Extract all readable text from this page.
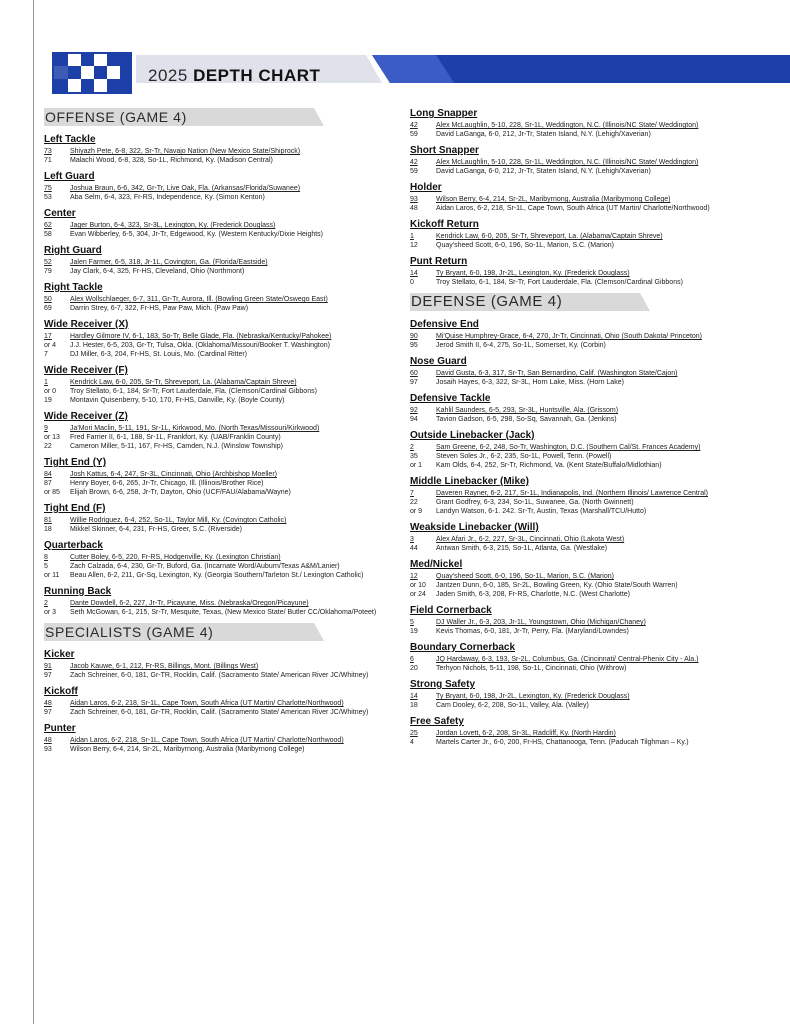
2025 DEPTH CHART
OFFENSE (GAME 4)
Left Tackle
73	Shiyazh Pete, 6-8, 322, Sr-Tr, Navajo Nation (New Mexico State/Shiprock)
71	Malachi Wood, 6-8, 328, So-1L, Richmond, Ky. (Madison Central)
Left Guard
75	Joshua Braun, 6-6, 342, Gr-Tr, Live Oak, Fla. (Arkansas/Florida/Suwanee)
53	Aba Selm, 6-4, 323, Fr-RS, Independence, Ky. (Simon Kenton)
Center
62	Jager Burton, 6-4, 323, Sr-3L, Lexington, Ky. (Frederick Douglass)
58	Evan Wibberley, 6-5, 304, Jr-Tr, Edgewood, Ky. (Western Kentucky/Dixie Heights)
Right Guard
52	Jalen Farmer, 6-5, 318, Jr-1L, Covington, Ga. (Florida/Eastside)
79	Jay Clark, 6-4, 325, Fr-HS, Cleveland, Ohio (Northmont)
Right Tackle
50	Alex Wollschlaeger, 6-7, 311, Gr-Tr, Aurora, Ill. (Bowling Green State/Oswego East)
69	Darrin Strey, 6-7, 322, Fr-HS, Paw Paw, Mich. (Paw Paw)
Wide Receiver (X)
17	Hardley Gilmore IV, 6-1, 183, So-Tr, Belle Glade, Fla. (Nebraska/Kentucky/Pahokee)
or 4	J.J. Hester, 6-5, 203, Gr-Tr, Tulsa, Okla. (Oklahoma/Missouri/Booker T. Washington)
7	DJ Miller, 6-3, 204, Fr-HS, St. Louis, Mo. (Cardinal Ritter)
Wide Receiver (F)
1	Kendrick Law, 6-0, 205, Sr-Tr, Shreveport, La. (Alabama/Captain Shreve)
or 0	Troy Stellato, 6-1, 184, Sr-Tr, Fort Lauderdale, Fla. (Clemson/Cardinal Gibbons)
19	Montavin Quisenberry, 5-10, 170, Fr-HS, Danville, Ky. (Boyle County)
Wide Receiver (Z)
9	Ja'Mori Maclin, 5-11, 191, Sr-1L, Kirkwood, Mo. (North Texas/Missouri/Kirkwood)
or 13	Fred Farrier II, 6-1, 188, Sr-1L, Frankfort, Ky. (UAB/Franklin County)
22	Cameron Miller, 5-11, 167, Fr-HS, Camden, N.J. (Winslow Township)
Tight End (Y)
84	Josh Kattus, 6-4, 247, Sr-3L, Cincinnati, Ohio (Archbishop Moeller)
87	Henry Boyer, 6-6, 265, Jr-Tr, Chicago, Ill. (Illinois/Brother Rice)
or 85	Elijah Brown, 6-6, 258, Jr-Tr, Dayton, Ohio (UCF/FAU/Alabama/Wayne)
Tight End (F)
81	Willie Rodriguez, 6-4, 252, So-1L, Taylor Mill, Ky. (Covington Catholic)
18	Mikkel Skinner, 6-4, 231, Fr-HS, Greer, S.C. (Riverside)
Quarterback
8	Cutter Boley, 6-5, 220, Fr-RS, Hodgenville, Ky. (Lexington Christian)
5	Zach Calzada, 6-4, 230, Gr-Tr, Buford, Ga. (Incarnate Word/Auburn/Texas A&M/Lanier)
or 11	Beau Allen, 6-2, 211, Gr-Sq, Lexington, Ky. (Georgia Southern/Tarleton St./ Lexington Catholic)
Running Back
2	Dante Dowdell, 6-2, 227, Jr-Tr, Picayune, Miss. (Nebraska/Oregon/Picayune)
or 3	Seth McGowan, 6-1, 215, Sr-Tr, Mesquite, Texas, (New Mexico State/ Butler CC/Oklahoma/Poteet)
SPECIALISTS (GAME 4)
Kicker
91	Jacob Kauwe, 6-1, 212, Fr-RS, Billings, Mont. (Billings West)
97	Zach Schreiner, 6-0, 181, Gr-TR, Rocklin, Calif. (Sacramento State/ American River JC/Whitney)
Kickoff
48	Aidan Laros, 6-2, 218, Sr-1L, Cape Town, South Africa (UT Martin/ Charlotte/Northwood)
97	Zach Schreiner, 6-0, 181, Gr-TR, Rocklin, Calif. (Sacramento State/ American River JC/Whitney)
Punter
48	Aidan Laros, 6-2, 218, Sr-1L, Cape Town, South Africa (UT Martin/ Charlotte/Northwood)
93	Wilson Berry, 6-4, 214, Sr-2L, Maribyrnong, Australia (Maribyrnong College)
Long Snapper
42	Alex McLaughlin, 5-10, 228, Sr-1L, Weddington, N.C. (Illinois/NC State/ Weddington)
59	David LaGanga, 6-0, 212, Jr-Tr, Staten Island, N.Y. (Lehigh/Xaverian)
Short Snapper
42	Alex McLaughlin, 5-10, 228, Sr-1L, Weddington, N.C. (Illinois/NC State/ Weddington)
59	David LaGanga, 6-0, 212, Jr-Tr, Staten Island, N.Y. (Lehigh/Xaverian)
Holder
93	Wilson Berry, 6-4, 214, Sr-2L, Maribyrnong, Australia (Maribyrnong College)
48	Aidan Laros, 6-2, 218, Sr-1L, Cape Town, South Africa (UT Martin/ Charlotte/Northwood)
Kickoff Return
1	Kendrick Law, 6-0, 205, Sr-Tr, Shreveport, La. (Alabama/Captain Shreve)
12	Quay'sheed Scott, 6-0, 196, So-1L, Marion, S.C. (Marion)
Punt Return
14	Ty Bryant, 6-0, 198, Jr-2L, Lexington, Ky. (Frederick Douglass)
0	Troy Stellato, 6-1, 184, Sr-Tr, Fort Lauderdale, Fla. (Clemson/Cardinal Gibbons)
DEFENSE (GAME 4)
Defensive End
90	Mi'Quise Humphrey-Grace, 6-4, 270, Jr-Tr, Cincinnati, Ohio (South Dakota/ Princeton)
95	Jerod Smith II, 6-4, 275, So-1L, Somerset, Ky. (Corbin)
Nose Guard
60	David Gusta, 6-3, 317, Sr-Tr, San Bernardino, Calif. (Washington State/Cajon)
97	Josaih Hayes, 6-3, 322, Sr-3L, Horn Lake, Miss. (Horn Lake)
Defensive Tackle
92	Kahlil Saunders, 6-5, 293, Sr-3L, Huntsville, Ala. (Grissom)
94	Tavion Gadson, 6-5, 298, So-Sq, Savannah, Ga. (Jenkins)
Outside Linebacker (Jack)
2	Sam Greene, 6-2, 248, So-Tr, Washington, D.C. (Southern Cal/St. Frances Academy)
35	Steven Soles Jr., 6-2, 235, So-1L, Powell, Tenn. (Powell)
or 1	Kam Olds, 6-4, 252, Sr-Tr, Richmond, Va. (Kent State/Buffalo/Midlothian)
Middle Linebacker (Mike)
7	Daveren Rayner, 6-2, 217, Sr-1L, Indianapolis, Ind. (Northern Illinois/ Lawrence Central)
22	Grant Godfrey, 6-3, 234, So-1L, Suwanee, Ga. (North Gwinnett)
or 9	Landyn Watson, 6-1. 242. Sr-Tr, Austin, Texas (Marshall/TCU/Hutto)
Weakside Linebacker (Will)
3	Alex Afari Jr., 6-2, 227, Sr-3L, Cincinnati, Ohio (Lakota West)
44	Antwan Smith, 6-3, 215, So-1L, Atlanta, Ga. (Westlake)
Med/Nickel
12	Quay'sheed Scott, 6-0, 196, So-1L, Marion, S.C. (Marion)
or 10	Jantzen Dunn, 6-0, 185, Sr-2L, Bowling Green, Ky. (Ohio State/South Warren)
or 24	Jaden Smith, 6-3, 208, Fr-RS, Charlotte, N.C. (West Charlotte)
Field Cornerback
5	DJ Waller Jr., 6-3, 203, Jr-1L, Youngstown, Ohio (Michigan/Chaney)
19	Kevis Thomas, 6-0, 181, Jr-Tr, Perry, Fla. (Maryland/Lowndes)
Boundary Cornerback
6	JQ Hardaway, 6-3, 193, Sr-2L, Columbus, Ga. (Cincinnati/ Central-Phenix City - Ala.)
20	Terhyon Nichols, 5-11, 198, So-1L, Cincinnati, Ohio (Withrow)
Strong Safety
14	Ty Bryant, 6-0, 198, Jr-2L, Lexington, Ky. (Frederick Douglass)
18	Cam Dooley, 6-2, 208, So-1L, Valley, Ala. (Valley)
Free Safety
25	Jordan Lovett, 6-2, 208, Sr-3L, Radcliff, Ky. (North Hardin)
4	Martels Carter Jr., 6-0, 200, Fr-HS, Chattanooga, Tenn. (Paducah Tilghman – Ky.)
